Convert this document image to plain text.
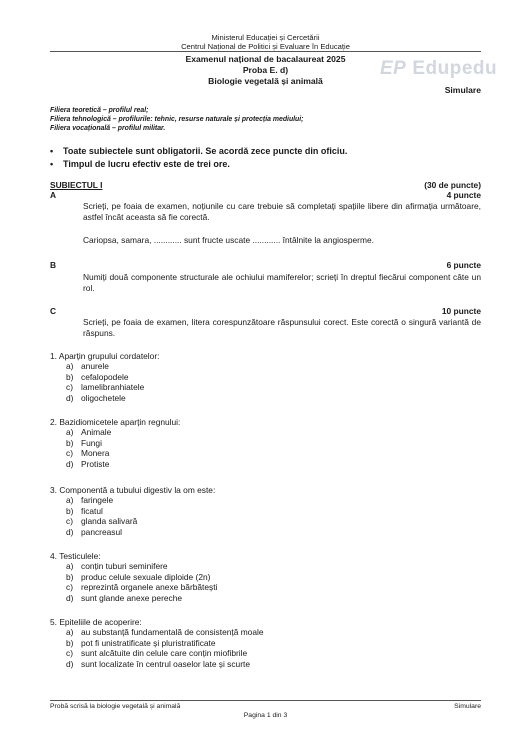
Ministerul Educației și Cercetării
Centrul Național de Politici și Evaluare în Educație
Examenul național de bacalaureat 2025
Proba E. d)
Biologie vegetală și animală
EP Edupedu
Simulare
Filiera teoretică – profilul real;
Filiera tehnologică – profilurile: tehnic, resurse naturale și protecția mediului;
Filiera vocațională – profilul militar.
• Toate subiectele sunt obligatorii. Se acordă zece puncte din oficiu.
• Timpul de lucru efectiv este de trei ore.
SUBIECTUL I	(30 de puncte)
A	4 puncte
Scrieți, pe foaia de examen, noțiunile cu care trebuie să completați spațiile libere din afirmația următoare, astfel încât aceasta să fie corectă.
Cariopsa, samara, ............ sunt fructe uscate ............ întâlnite la angiosperme.
B	6 puncte
Numiți două componente structurale ale ochiului mamiferelor; scrieți în dreptul fiecărui component câte un rol.
C	10 puncte
Scrieți, pe foaia de examen, litera corespunzătoare răspunsului corect. Este corectă o singură variantă de răspuns.
1. Aparțin grupului cordatelor:
a) anurele
b) cefalopodele
c) lamelibranhiatele
d) oligochetele
2. Bazidiomicetele aparțin regnului:
a) Animale
b) Fungi
c) Monera
d) Protiste
3. Componentă a tubului digestiv la om este:
a) faringele
b) ficatul
c) glanda salivară
d) pancreasul
4. Testiculele:
a) conțin tuburi seminifere
b) produc celule sexuale diploide (2n)
c) reprezintă organele anexe bărbătești
d) sunt glande anexe pereche
5. Epiteliile de acoperire:
a) au substanță fundamentală de consistență moale
b) pot fi unistratificate și pluristratificate
c) sunt alcătuite din celule care conțin miofibrile
d) sunt localizate în centrul oaselor late și scurte
Probă scrisă la biologie vegetală și animală	Simulare
Pagina 1 din 3
